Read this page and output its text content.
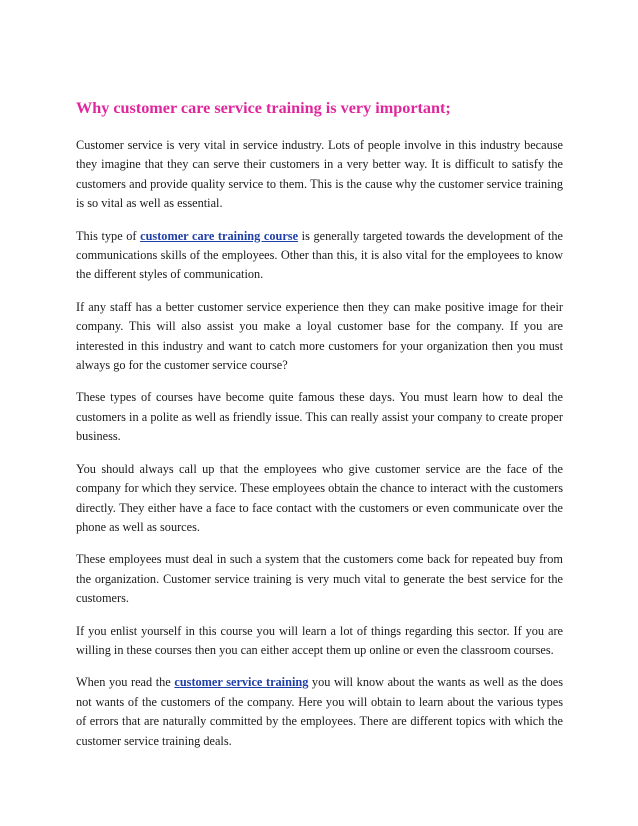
Why customer care service training is very important;

Customer service is very vital in service industry. Lots of people involve in this industry because they imagine that they can serve their customers in a very better way. It is difficult to satisfy the customers and provide quality service to them. This is the cause why the customer service training is so vital as well as essential.

This type of customer care training course is generally targeted towards the development of the communications skills of the employees. Other than this, it is also vital for the employees to know the different styles of communication.

If any staff has a better customer service experience then they can make positive image for their company. This will also assist you make a loyal customer base for the company. If you are interested in this industry and want to catch more customers for your organization then you must always go for the customer service course?

These types of courses have become quite famous these days. You must learn how to deal the customers in a polite as well as friendly issue. This can really assist your company to create proper business.

You should always call up that the employees who give customer service are the face of the company for which they service. These employees obtain the chance to interact with the customers directly. They either have a face to face contact with the customers or even communicate over the phone as well as sources.

These employees must deal in such a system that the customers come back for repeated buy from the organization. Customer service training is very much vital to generate the best service for the customers.

If you enlist yourself in this course you will learn a lot of things regarding this sector. If you are willing in these courses then you can either accept them up online or even the classroom courses.

When you read the customer service training you will know about the wants as well as the does not wants of the customers of the company. Here you will obtain to learn about the various types of errors that are naturally committed by the employees. There are different topics with which the customer service training deals.
